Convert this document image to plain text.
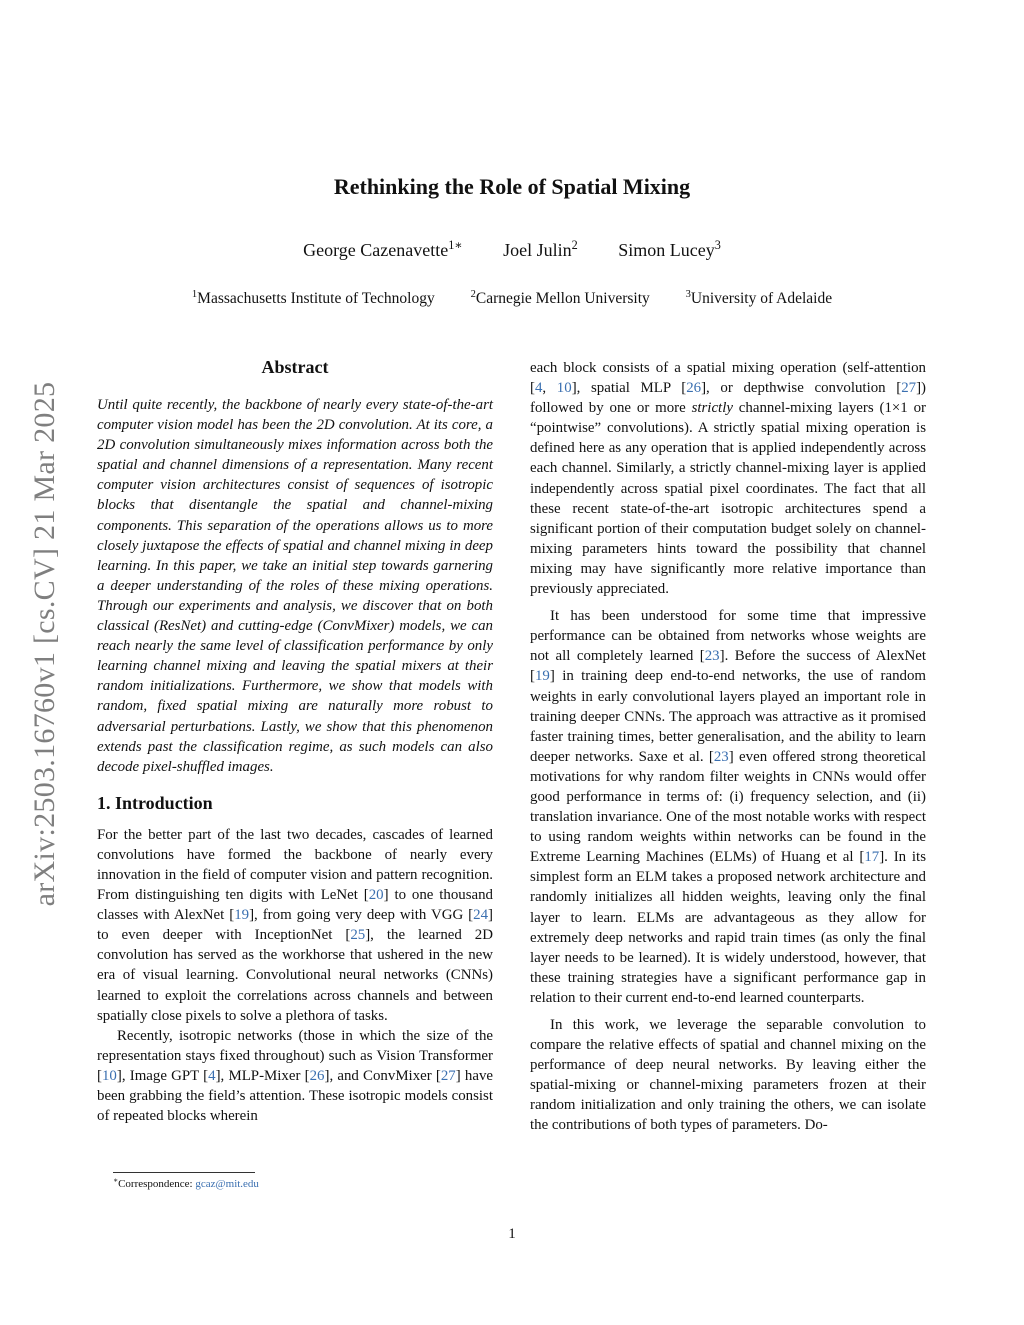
Rethinking the Role of Spatial Mixing
George Cazenavette$^{1∗}$ Joel Julin$^2$ Simon Lucey$^3$
$^1$Massachusetts Institute of Technology	$^2$Carnegie Mellon University	$^3$University of Adelaide
arXiv:2503.16760v1 [cs.CV] 21 Mar 2025
Abstract

Until quite recently, the backbone of nearly every state-of-the-art computer vision model has been the 2D convolution. At its core, a 2D convolution simultaneously mixes information across both the spatial and channel dimensions of a representation. Many recent computer vision architectures consist of sequences of isotropic blocks that disentangle the spatial and channel-mixing components. This separation of the operations allows us to more closely juxtapose the effects of spatial and channel mixing in deep learning. In this paper, we take an initial step towards garnering a deeper understanding of the roles of these mixing operations. Through our experiments and analysis, we discover that on both classical (ResNet) and cutting-edge (ConvMixer) models, we can reach nearly the same level of classification performance by only learning channel mixing and leaving the spatial mixers at their random initializations. Furthermore, we show that models with random, fixed spatial mixing are naturally more robust to adversarial perturbations. Lastly, we show that this phenomenon extends past the classification regime, as such models can also decode pixel-shuffled images.

1. Introduction

For the better part of the last two decades, cascades of learned convolutions have formed the backbone of nearly every innovation in the field of computer vision and pattern recognition. From distinguishing ten digits with LeNet [20] to one thousand classes with AlexNet [19], from going very deep with VGG [24] to even deeper with InceptionNet [25], the learned 2D convolution has served as the workhorse that ushered in the new era of visual learning. Convolutional neural networks (CNNs) learned to exploit the correlations across channels and between spatially close pixels to solve a plethora of tasks.

Recently, isotropic networks (those in which the size of the representation stays fixed throughout) such as Vision Transformer [10], Image GPT [4], MLP-Mixer [26], and ConvMixer [27] have been grabbing the field’s attention. These isotropic models consist of repeated blocks wherein

each block consists of a spatial mixing operation (self-attention [4, 10], spatial MLP [26], or depthwise convolution [27]) followed by one or more strictly channel-mixing layers (1×1 or “pointwise” convolutions). A strictly spatial mixing operation is defined here as any operation that is applied independently across each channel. Similarly, a strictly channel-mixing layer is applied independently across spatial pixel coordinates. The fact that all these recent state-of-the-art isotropic architectures spend a significant portion of their computation budget solely on channel-mixing parameters hints toward the possibility that channel mixing may have significantly more relative importance than previously appreciated.

It has been understood for some time that impressive performance can be obtained from networks whose weights are not all completely learned [23]. Before the success of AlexNet [19] in training deep end-to-end networks, the use of random weights in early convolutional layers played an important role in training deeper CNNs. The approach was attractive as it promised faster training times, better generalisation, and the ability to learn deeper networks. Saxe et al. [23] even offered strong theoretical motivations for why random filter weights in CNNs would offer good performance in terms of: (i) frequency selection, and (ii) translation invariance. One of the most notable works with respect to using random weights within networks can be found in the Extreme Learning Machines (ELMs) of Huang et al [17]. In its simplest form an ELM takes a proposed network architecture and randomly initializes all hidden weights, leaving only the final layer to learn. ELMs are advantageous as they allow for extremely deep networks and rapid train times (as only the final layer needs to be learned). It is widely understood, however, that these training strategies have a significant performance gap in relation to their current end-to-end learned counterparts.

In this work, we leverage the separable convolution to compare the relative effects of spatial and channel mixing on the performance of deep neural networks. By leaving either the spatial-mixing or channel-mixing parameters frozen at their random initialization and only training the others, we can isolate the contributions of both types of parameters. Do-

∗Correspondence: gcaz@mit.edu
1
